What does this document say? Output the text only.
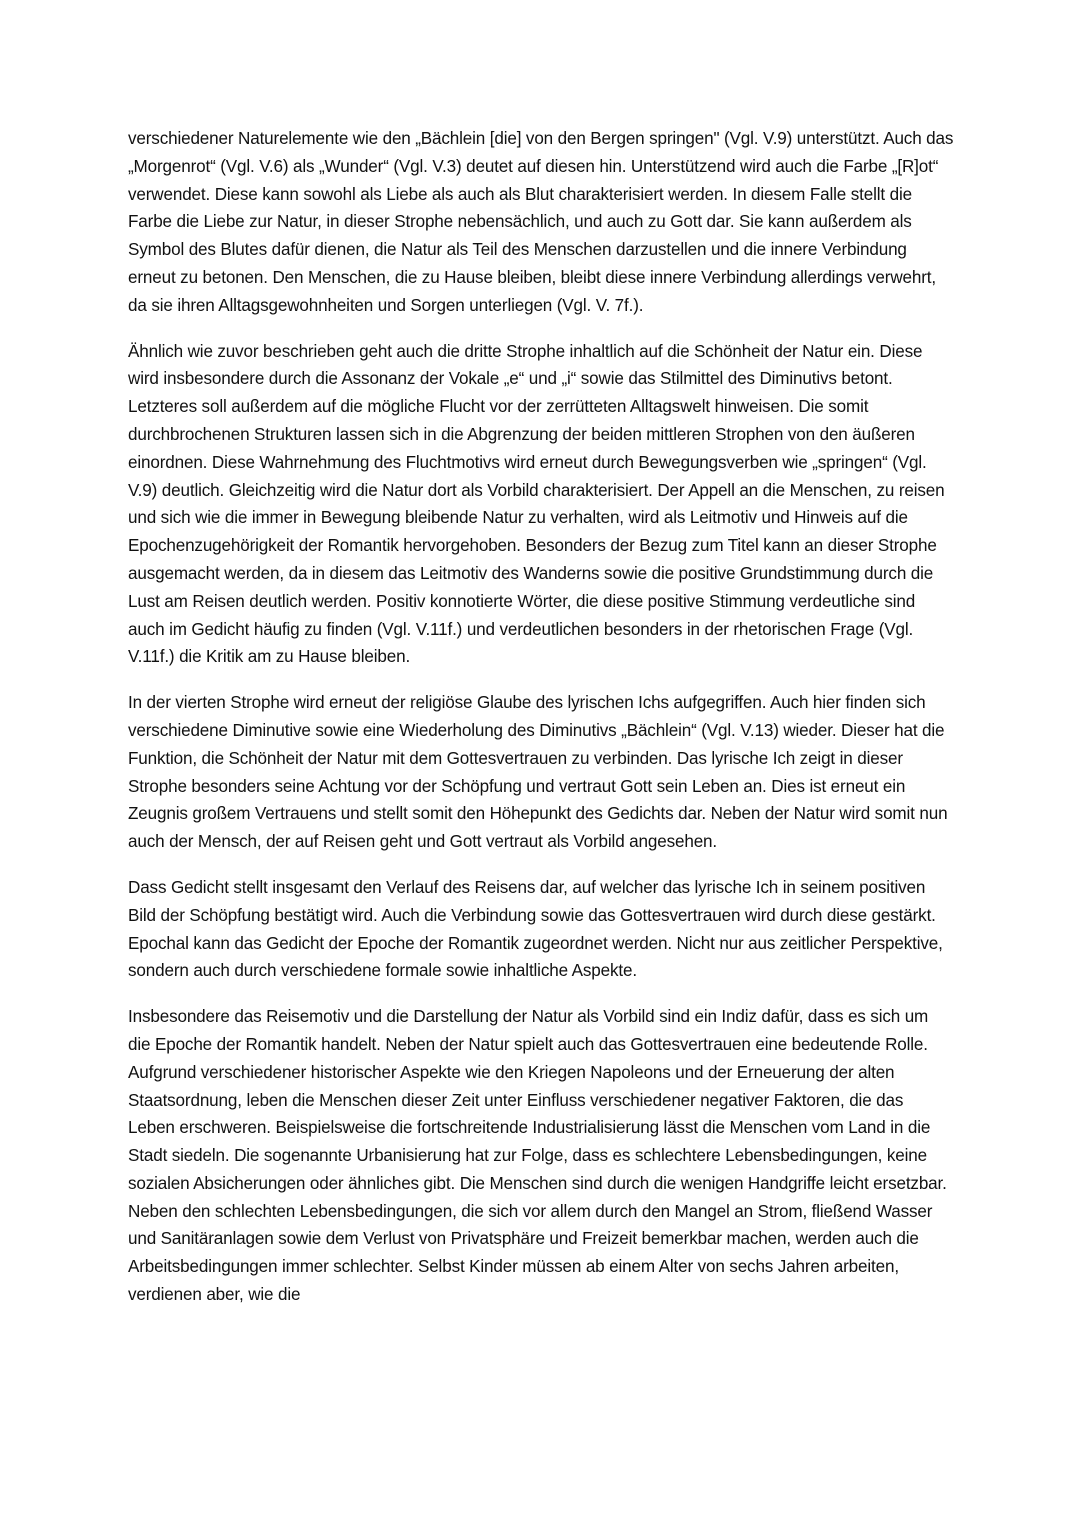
verschiedener Naturelemente wie den „Bächlein [die] von den Bergen springen" (Vgl. V.9) unterstützt. Auch das „Morgenrot“ (Vgl. V.6) als „Wunder“ (Vgl. V.3) deutet auf diesen hin. Unterstützend wird auch die Farbe „[R]ot“ verwendet. Diese kann sowohl als Liebe als auch als Blut charakterisiert werden. In diesem Falle stellt die Farbe die Liebe zur Natur, in dieser Strophe nebensächlich, und auch zu Gott dar. Sie kann außerdem als Symbol des Blutes dafür dienen, die Natur als Teil des Menschen darzustellen und die innere Verbindung erneut zu betonen. Den Menschen, die zu Hause bleiben, bleibt diese innere Verbindung allerdings verwehrt, da sie ihren Alltagsgewohnheiten und Sorgen unterliegen (Vgl. V. 7f.).

Ähnlich wie zuvor beschrieben geht auch die dritte Strophe inhaltlich auf die Schönheit der Natur ein. Diese wird insbesondere durch die Assonanz der Vokale „e“ und „i“ sowie das Stilmittel des Diminutivs betont. Letzteres soll außerdem auf die mögliche Flucht vor der zerrütteten Alltagswelt hinweisen. Die somit durchbrochenen Strukturen lassen sich in die Abgrenzung der beiden mittleren Strophen von den äußeren einordnen. Diese Wahrnehmung des Fluchtmotivs wird erneut durch Bewegungsverben wie „springen“ (Vgl. V.9) deutlich. Gleichzeitig wird die Natur dort als Vorbild charakterisiert. Der Appell an die Menschen, zu reisen und sich wie die immer in Bewegung bleibende Natur zu verhalten, wird als Leitmotiv und Hinweis auf die Epochenzugehörigkeit der Romantik hervorgehoben. Besonders der Bezug zum Titel kann an dieser Strophe ausgemacht werden, da in diesem das Leitmotiv des Wanderns sowie die positive Grundstimmung durch die Lust am Reisen deutlich werden. Positiv konnotierte Wörter, die diese positive Stimmung verdeutliche sind auch im Gedicht häufig zu finden (Vgl. V.11f.) und verdeutlichen besonders in der rhetorischen Frage (Vgl. V.11f.) die Kritik am zu Hause bleiben.

In der vierten Strophe wird erneut der religiöse Glaube des lyrischen Ichs aufgegriffen. Auch hier finden sich verschiedene Diminutive sowie eine Wiederholung des Diminutivs „Bächlein“ (Vgl. V.13) wieder. Dieser hat die Funktion, die Schönheit der Natur mit dem Gottesvertrauen zu verbinden. Das lyrische Ich zeigt in dieser Strophe besonders seine Achtung vor der Schöpfung und vertraut Gott sein Leben an. Dies ist erneut ein Zeugnis großem Vertrauens und stellt somit den Höhepunkt des Gedichts dar. Neben der Natur wird somit nun auch der Mensch, der auf Reisen geht und Gott vertraut als Vorbild angesehen.

Dass Gedicht stellt insgesamt den Verlauf des Reisens dar, auf welcher das lyrische Ich in seinem positiven Bild der Schöpfung bestätigt wird. Auch die Verbindung sowie das Gottesvertrauen wird durch diese gestärkt. Epochal kann das Gedicht der Epoche der Romantik zugeordnet werden. Nicht nur aus zeitlicher Perspektive, sondern auch durch verschiedene formale sowie inhaltliche Aspekte.

Insbesondere das Reisemotiv und die Darstellung der Natur als Vorbild sind ein Indiz dafür, dass es sich um die Epoche der Romantik handelt. Neben der Natur spielt auch das Gottesvertrauen eine bedeutende Rolle. Aufgrund verschiedener historischer Aspekte wie den Kriegen Napoleons und der Erneuerung der alten Staatsordnung, leben die Menschen dieser Zeit unter Einfluss verschiedener negativer Faktoren, die das Leben erschweren. Beispielsweise die fortschreitende Industrialisierung lässt die Menschen vom Land in die Stadt siedeln. Die sogenannte Urbanisierung hat zur Folge, dass es schlechtere Lebensbedingungen, keine sozialen Absicherungen oder ähnliches gibt. Die Menschen sind durch die wenigen Handgriffe leicht ersetzbar. Neben den schlechten Lebensbedingungen, die sich vor allem durch den Mangel an Strom, fließend Wasser und Sanitäranlagen sowie dem Verlust von Privatsphäre und Freizeit bemerkbar machen, werden auch die Arbeitsbedingungen immer schlechter. Selbst Kinder müssen ab einem Alter von sechs Jahren arbeiten, verdienen aber, wie die
